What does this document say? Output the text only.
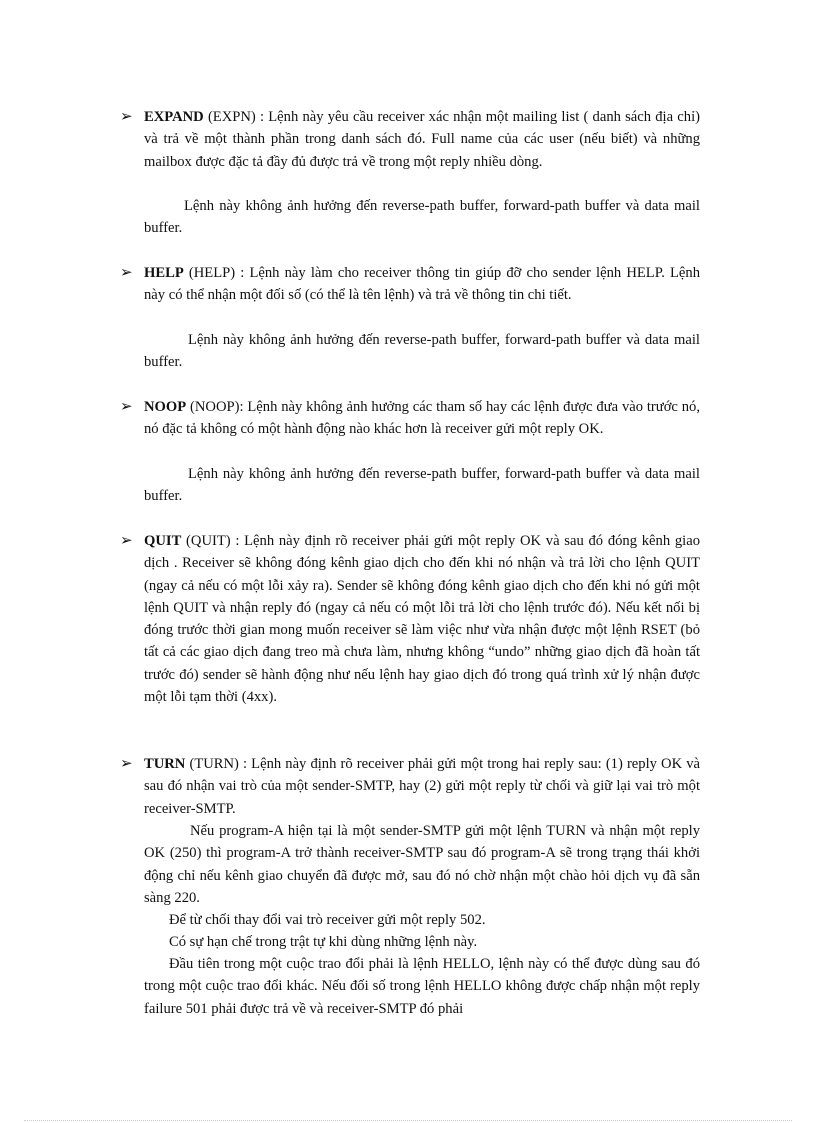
➢ EXPAND (EXPN) : Lệnh này yêu cầu receiver xác nhận một mailing list ( danh sách địa chỉ) và trả về một thành phần trong danh sách đó. Full name của các user (nếu biết) và những mailbox được đặc tả đầy đủ được trả về trong một reply nhiều dòng.

Lệnh này không ảnh hưởng đến reverse-path buffer, forward-path buffer và data mail buffer.

➢ HELP (HELP) : Lệnh này làm cho receiver thông tin giúp đỡ cho sender lệnh HELP. Lệnh này có thể nhận một đối số (có thể là tên lệnh) và trả về thông tin chi tiết.

Lệnh này không ảnh hưởng đến reverse-path buffer, forward-path buffer và data mail buffer.

➢ NOOP (NOOP): Lệnh này không ảnh hưởng các tham số hay các lệnh được đưa vào trước nó, nó đặc tả không có một hành động nào khác hơn là receiver gửi một reply OK.

Lệnh này không ảnh hưởng đến reverse-path buffer, forward-path buffer và data mail buffer.

➢ QUIT (QUIT) : Lệnh này định rõ receiver phải gửi một reply OK và sau đó đóng kênh giao dịch . Receiver sẽ không đóng kênh giao dịch cho đến khi nó nhận và trả lời cho lệnh QUIT (ngay cả nếu có một lỗi xảy ra). Sender sẽ không đóng kênh giao dịch cho đến khi nó gửi một lệnh QUIT và nhận reply đó (ngay cả nếu có một lỗi trả lời cho lệnh trước đó). Nếu kết nối bị đóng trước thời gian mong muốn receiver sẽ làm việc như vừa nhận được một lệnh RSET (bỏ tất cả các giao dịch đang treo mà chưa làm, nhưng không “undo” những giao dịch đã hoàn tất trước đó) sender sẽ hành động như nếu lệnh hay giao dịch đó trong quá trình xử lý nhận được một lỗi tạm thời (4xx).

➢ TURN (TURN) : Lệnh này định rõ receiver phải gửi một trong hai reply sau: (1) reply OK và sau đó nhận vai trò của một sender-SMTP, hay (2) gửi một reply từ chối và giữ lại vai trò một receiver-SMTP.

Nếu program-A hiện tại là một sender-SMTP gửi một lệnh TURN và nhận một reply OK (250) thì program-A trở thành receiver-SMTP sau đó program-A sẽ trong trạng thái khởi động chỉ nếu kênh giao chuyển đã được mở, sau đó nó chờ nhận một chào hỏi dịch vụ đã sẵn sàng 220.

Để từ chối thay đổi vai trò receiver gửi một reply 502.

Có sự hạn chế trong trật tự khi dùng những lệnh này.

Đầu tiên trong một cuộc trao đổi phải là lệnh HELLO, lệnh này có thể được dùng sau đó trong một cuộc trao đổi khác. Nếu đối số trong lệnh HELLO không được chấp nhận một reply failure 501 phải được trả về và receiver-SMTP đó phải
